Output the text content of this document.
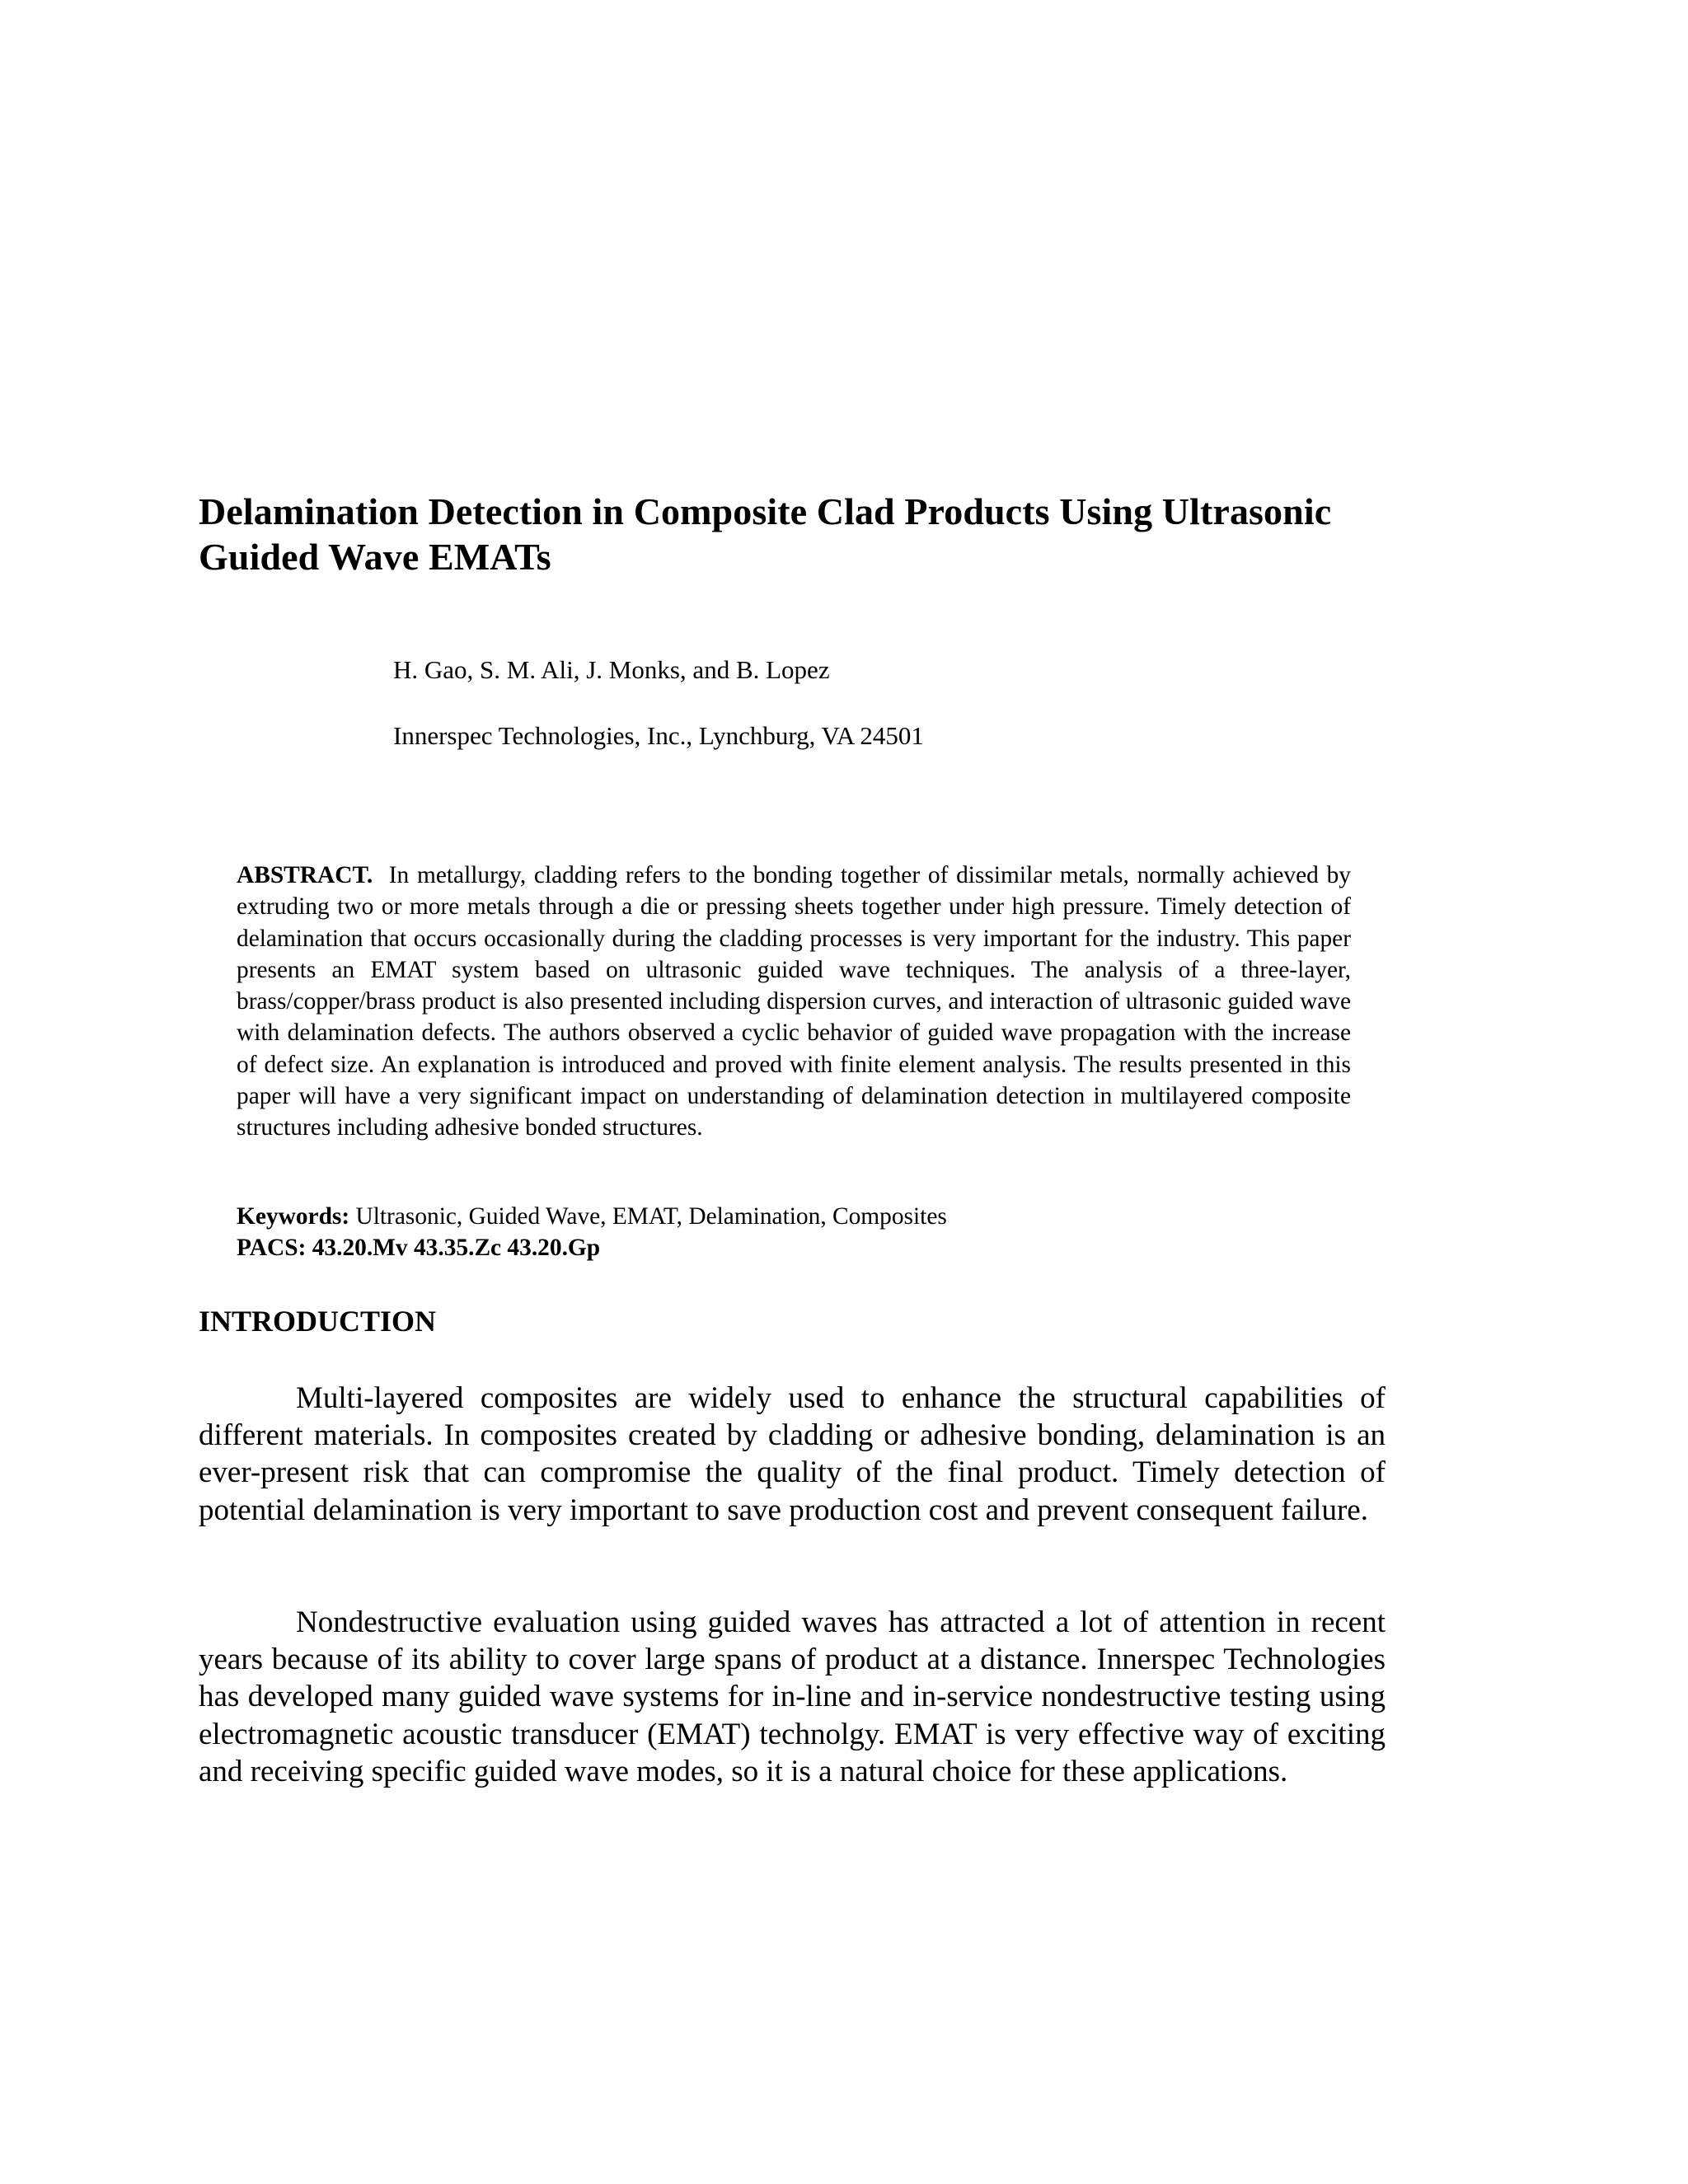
Delamination Detection in Composite Clad Products Using Ultrasonic Guided Wave EMATs

H. Gao, S. M. Ali, J. Monks, and B. Lopez

Innerspec Technologies, Inc., Lynchburg, VA 24501

ABSTRACT. In metallurgy, cladding refers to the bonding together of dissimilar metals, normally achieved by extruding two or more metals through a die or pressing sheets together under high pressure. Timely detection of delamination that occurs occasionally during the cladding processes is very important for the industry. This paper presents an EMAT system based on ultrasonic guided wave techniques. The analysis of a three-layer, brass/copper/brass product is also presented including dispersion curves, and interaction of ultrasonic guided wave with delamination defects. The authors observed a cyclic behavior of guided wave propagation with the increase of defect size. An explanation is introduced and proved with finite element analysis. The results presented in this paper will have a very significant impact on understanding of delamination detection in multilayered composite structures including adhesive bonded structures.

Keywords: Ultrasonic, Guided Wave, EMAT, Delamination, Composites

PACS: 43.20.Mv 43.35.Zc 43.20.Gp

INTRODUCTION

Multi-layered composites are widely used to enhance the structural capabilities of different materials. In composites created by cladding or adhesive bonding, delamination is an ever-present risk that can compromise the quality of the final product. Timely detection of potential delamination is very important to save production cost and prevent consequent failure.

Nondestructive evaluation using guided waves has attracted a lot of attention in recent years because of its ability to cover large spans of product at a distance. Innerspec Technologies has developed many guided wave systems for in-line and in-service nondestructive testing using electromagnetic acoustic transducer (EMAT) technolgy. EMAT is very effective way of exciting and receiving specific guided wave modes, so it is a natural choice for these applications.
